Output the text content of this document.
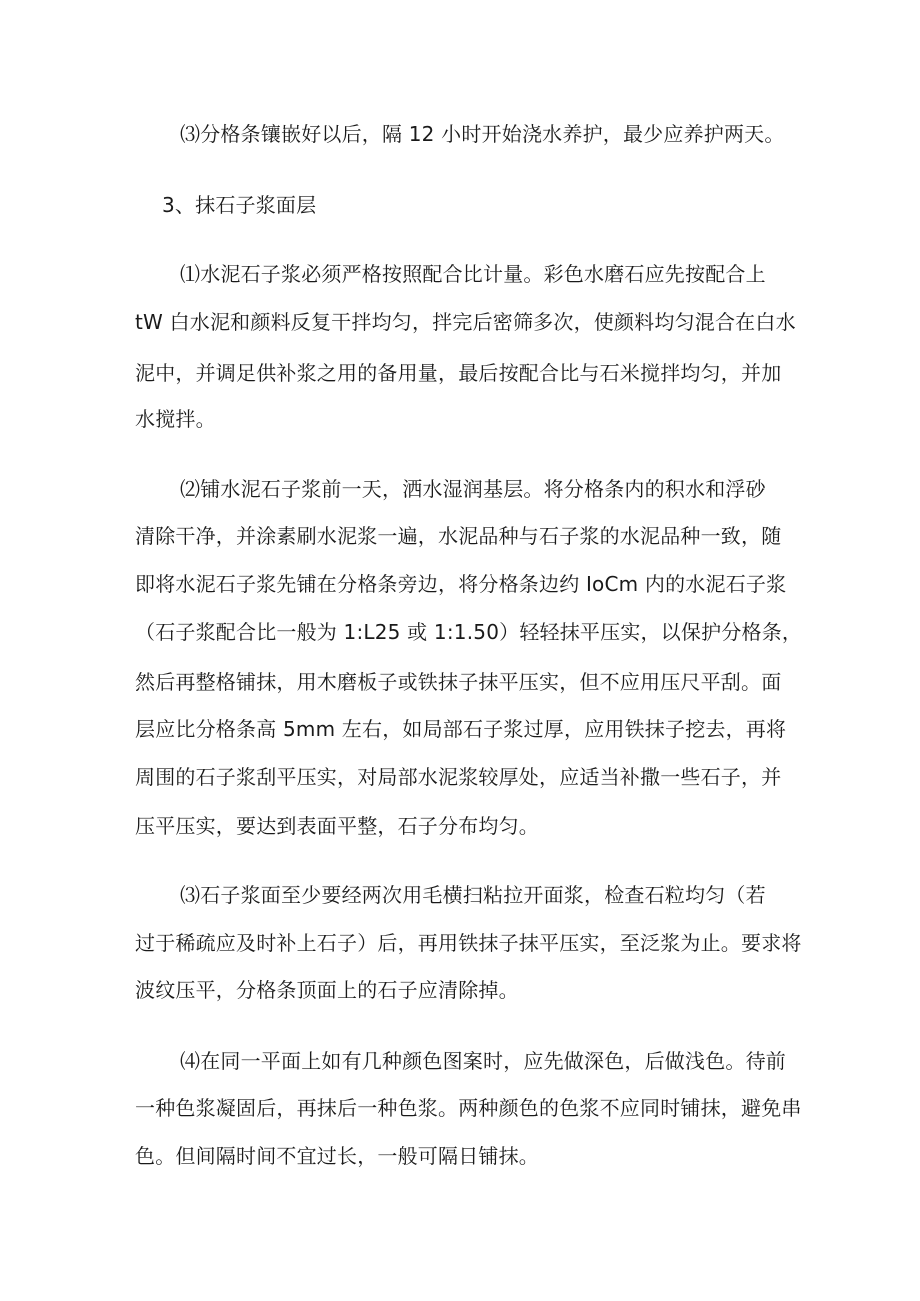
⑶分格条镶嵌好以后，隔 12 小时开始浇水养护，最少应养护两天。
3、抹石子浆面层
⑴水泥石子浆必须严格按照配合比计量。彩色水磨石应先按配合上
tW 白水泥和颜料反复干拌均匀，拌完后密筛多次，使颜料均匀混合在白水
泥中，并调足供补浆之用的备用量，最后按配合比与石米搅拌均匀，并加
水搅拌。
⑵铺水泥石子浆前一天，洒水湿润基层。将分格条内的积水和浮砂
清除干净，并涂素刷水泥浆一遍，水泥品种与石子浆的水泥品种一致，随
即将水泥石子浆先铺在分格条旁边，将分格条边约 IoCm 内的水泥石子浆
（石子浆配合比一般为 1:L25 或 1:1.50）轻轻抹平压实，以保护分格条，
然后再整格铺抹，用木磨板子或铁抹子抹平压实，但不应用压尺平刮。面
层应比分格条高 5mm 左右，如局部石子浆过厚，应用铁抹子挖去，再将
周围的石子浆刮平压实，对局部水泥浆较厚处，应适当补撒一些石子，并
压平压实，要达到表面平整，石子分布均匀。
⑶石子浆面至少要经两次用毛横扫粘拉开面浆，检查石粒均匀（若
过于稀疏应及时补上石子）后，再用铁抹子抹平压实，至泛浆为止。要求将
波纹压平，分格条顶面上的石子应清除掉。
⑷在同一平面上如有几种颜色图案时，应先做深色，后做浅色。待前
一种色浆凝固后，再抹后一种色浆。两种颜色的色浆不应同时铺抹，避免串
色。但间隔时间不宜过长，一般可隔日铺抹。
